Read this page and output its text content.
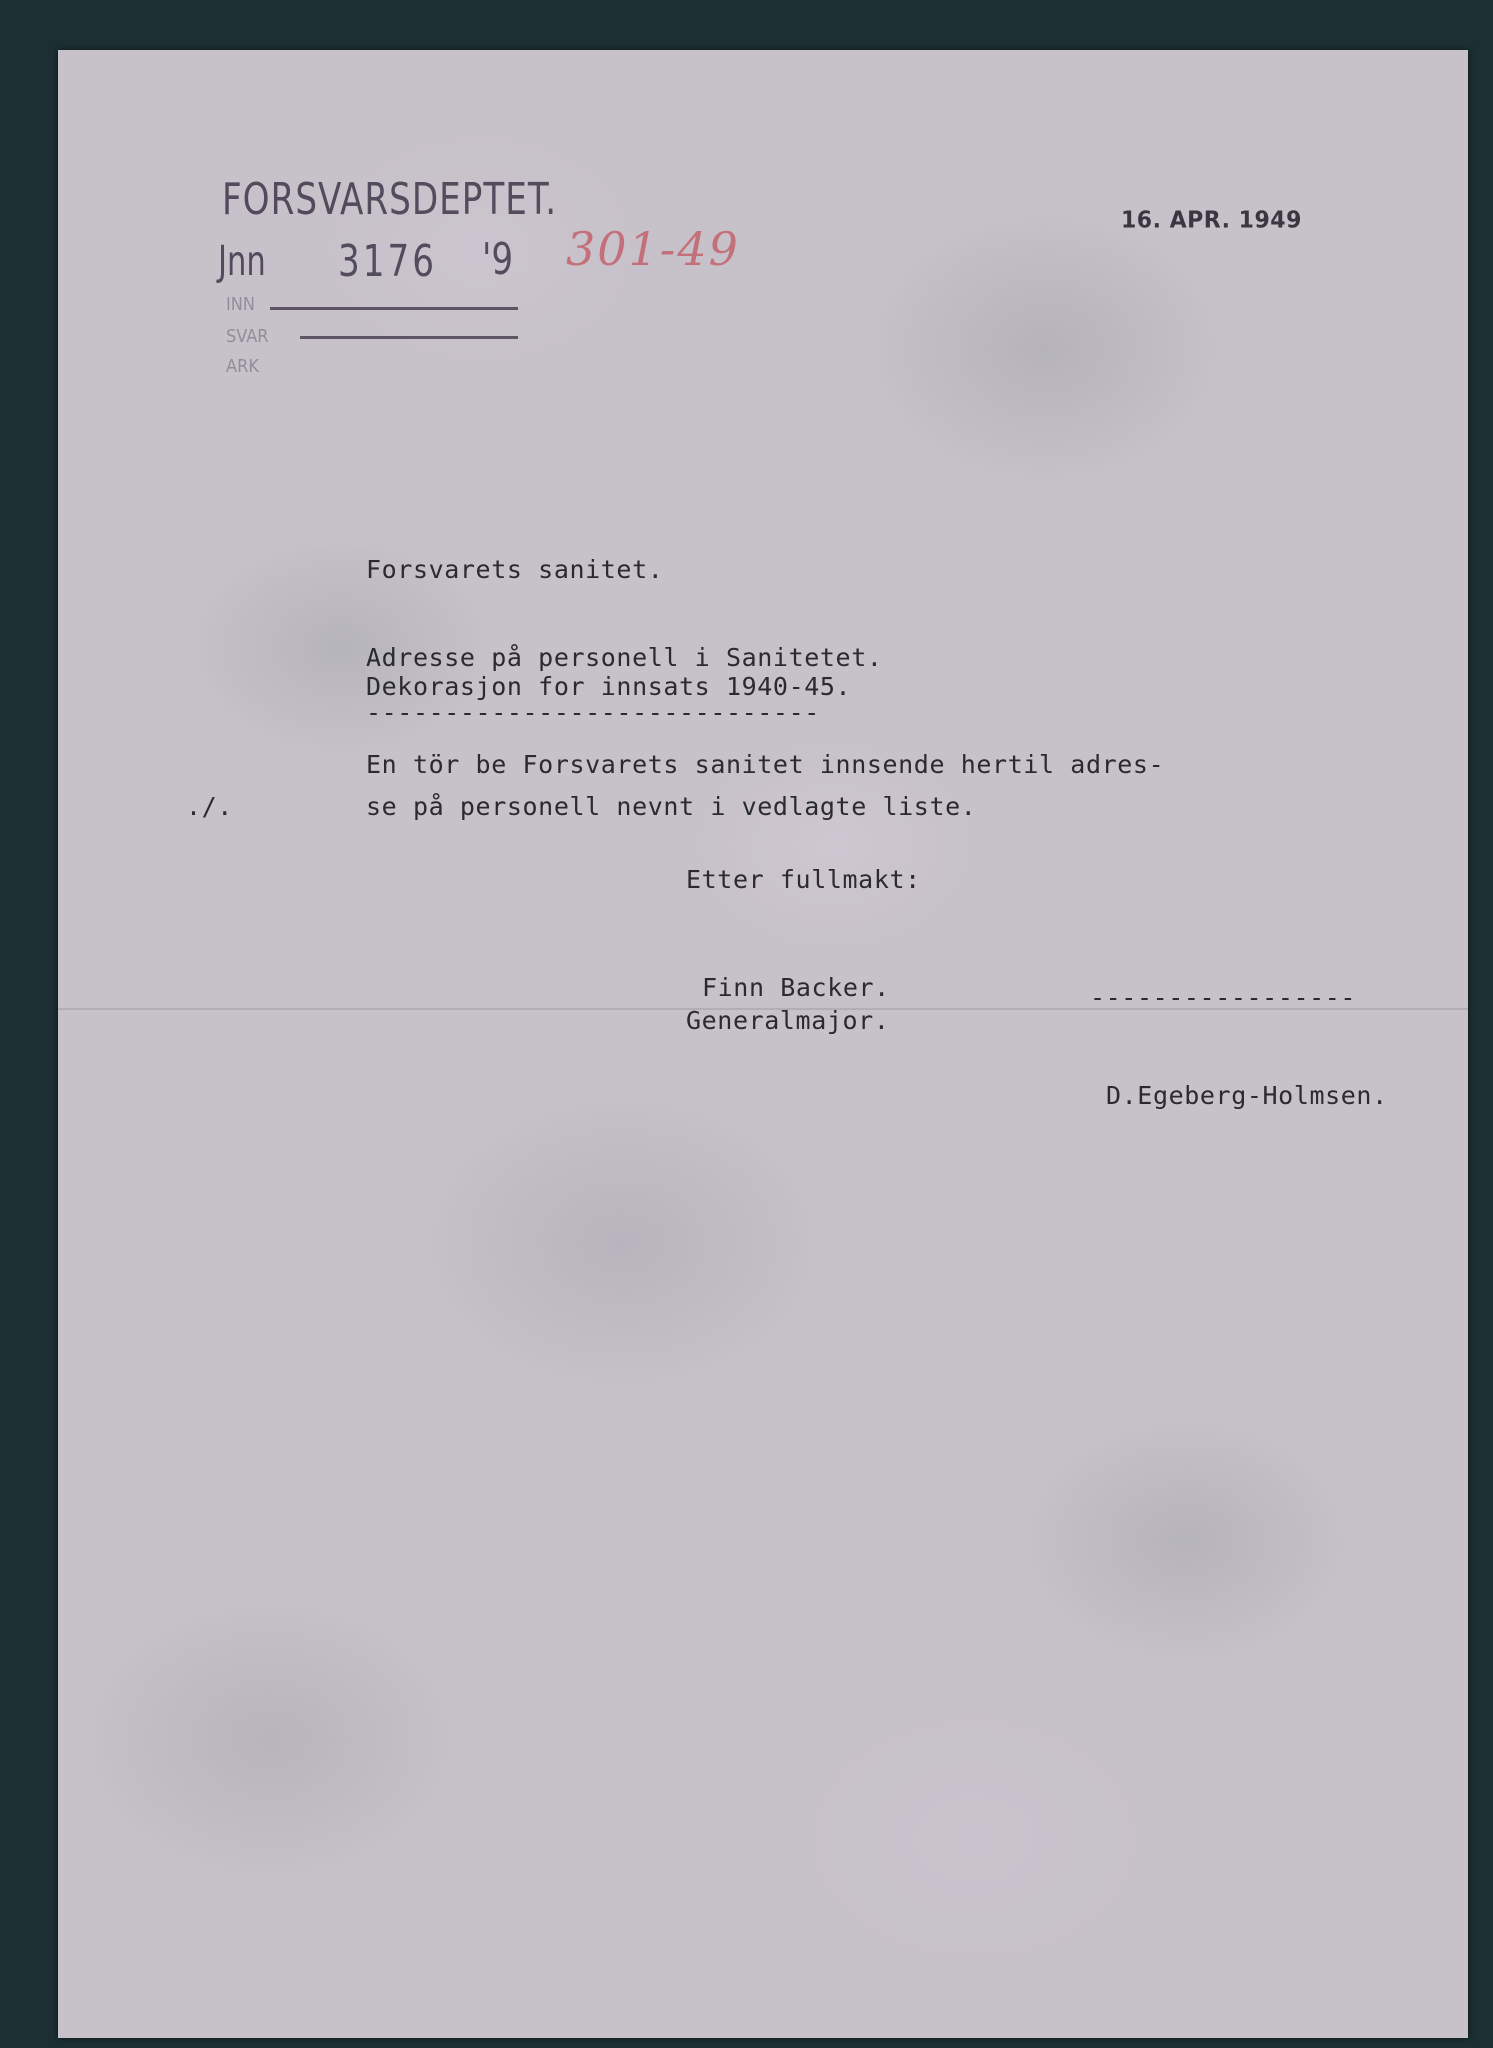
FORSVARSDEPTET.
Jnn 3176 '9
INN
SVAR
ARK
301-49
16. APR. 1949
Forsvarets sanitet.
Adresse på personell i Sanitetet.
Dekorasjon for innsats 1940-45.
-----------------------------
En tör be Forsvarets sanitet innsende hertil adres-
./.	se på personell nevnt i vedlagte liste.
Etter fullmakt:
Finn Backer.
Generalmajor.
-----------------
D.Egeberg-Holmsen.
